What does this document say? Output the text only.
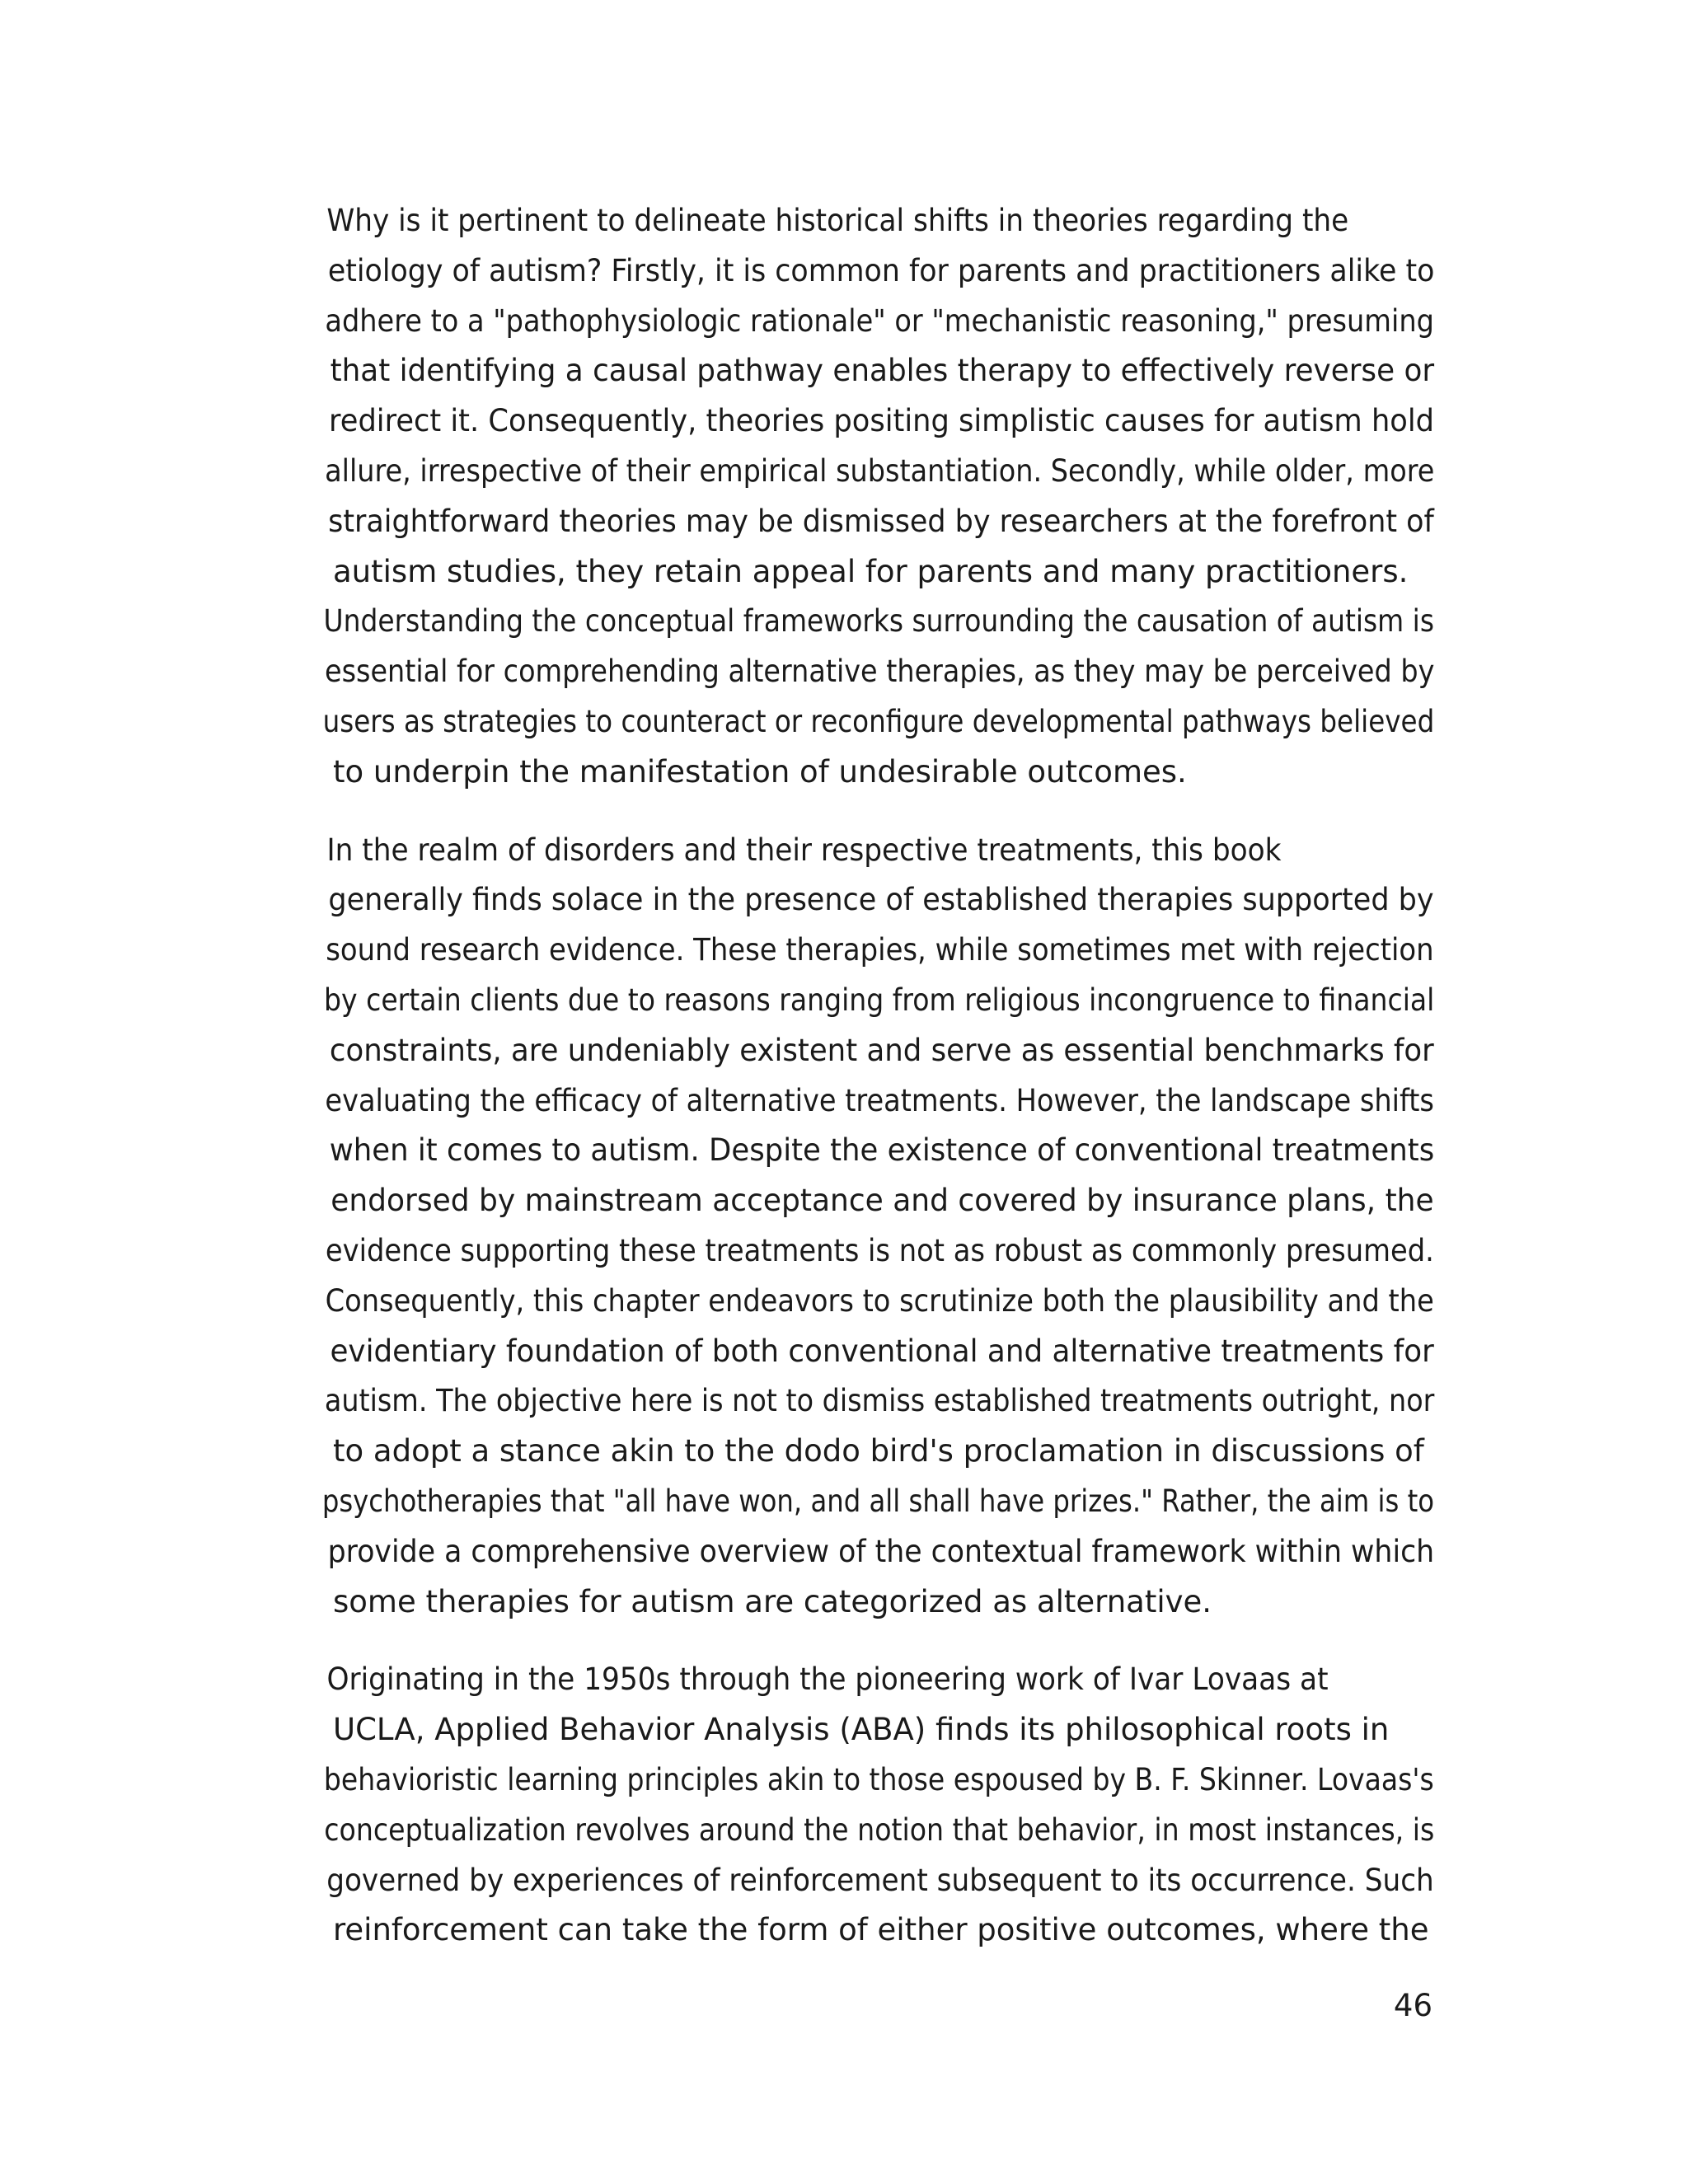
Why is it pertinent to delineate historical shifts in theories regarding the
etiology of autism? Firstly, it is common for parents and practitioners alike to
adhere to a "pathophysiologic rationale" or "mechanistic reasoning," presuming
that identifying a causal pathway enables therapy to effectively reverse or
redirect it. Consequently, theories positing simplistic causes for autism hold
allure, irrespective of their empirical substantiation. Secondly, while older, more
straightforward theories may be dismissed by researchers at the forefront of
autism studies, they retain appeal for parents and many practitioners.
Understanding the conceptual frameworks surrounding the causation of autism is
essential for comprehending alternative therapies, as they may be perceived by
users as strategies to counteract or reconfigure developmental pathways believed
to underpin the manifestation of undesirable outcomes.

In the realm of disorders and their respective treatments, this book
generally finds solace in the presence of established therapies supported by
sound research evidence. These therapies, while sometimes met with rejection
by certain clients due to reasons ranging from religious incongruence to financial
constraints, are undeniably existent and serve as essential benchmarks for
evaluating the efficacy of alternative treatments. However, the landscape shifts
when it comes to autism. Despite the existence of conventional treatments
endorsed by mainstream acceptance and covered by insurance plans, the
evidence supporting these treatments is not as robust as commonly presumed.
Consequently, this chapter endeavors to scrutinize both the plausibility and the
evidentiary foundation of both conventional and alternative treatments for
autism. The objective here is not to dismiss established treatments outright, nor
to adopt a stance akin to the dodo bird's proclamation in discussions of
psychotherapies that "all have won, and all shall have prizes." Rather, the aim is to
provide a comprehensive overview of the contextual framework within which
some therapies for autism are categorized as alternative.

Originating in the 1950s through the pioneering work of Ivar Lovaas at
UCLA, Applied Behavior Analysis (ABA) finds its philosophical roots in
behavioristic learning principles akin to those espoused by B. F. Skinner. Lovaas's
conceptualization revolves around the notion that behavior, in most instances, is
governed by experiences of reinforcement subsequent to its occurrence. Such
reinforcement can take the form of either positive outcomes, where the

46
